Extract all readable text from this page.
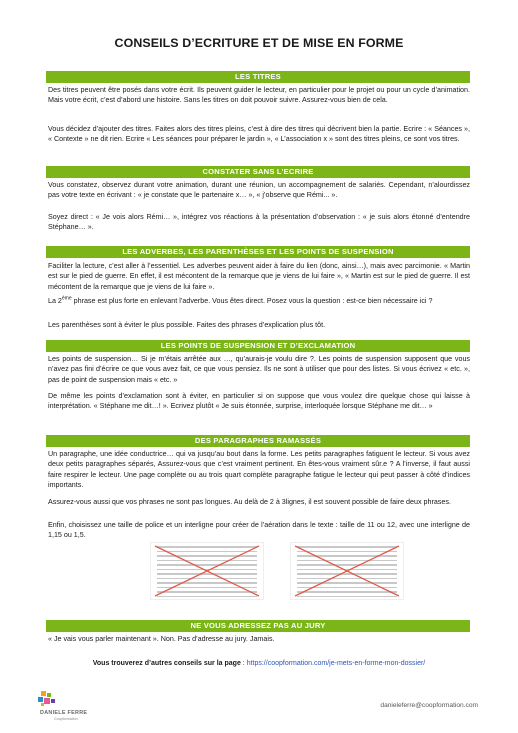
CONSEILS D’ECRITURE ET DE MISE EN FORME
LES TITRES
Des titres peuvent être posés dans votre écrit. Ils peuvent guider le lecteur, en particulier pour le projet ou pour un cycle d’animation. Mais votre écrit, c’est d’abord une histoire. Sans les titres on doit pouvoir suivre. Assurez-vous bien de cela.
Vous décidez d’ajouter des titres. Faites alors des titres pleins, c’est à dire des titres qui décrivent bien la partie. Ecrire : « Séances », « Contexte » ne dit rien. Ecrire « Les séances pour préparer le jardin », « L’association x » sont des titres pleins, ce sont vos titres.
CONSTATER SANS L’ECRIRE
Vous constatez, observez durant votre animation, durant une réunion, un accompagnement de salariés. Cependant, n’alourdissez pas votre texte en écrivant : « je constate que le partenaire x… », « j’observe que Rémi... ».
Soyez direct : « Je vois alors Rémi… », intégrez vos réactions à la présentation d’observation : « je suis alors étonné d’entendre Stéphane… ».
LES ADVERBES, LES PARENTHÈSES ET LES POINTS DE SUSPENSION
Faciliter la lecture, c’est aller à l’essentiel. Les adverbes peuvent aider à faire du lien (donc, ainsi…), mais avec parcimonie. « Martin est sur le pied de guerre. En effet, il est mécontent de la remarque que je viens de lui faire », « Martin est sur le pied de guerre. Il est mécontent de la remarque que je viens de lui faire ».
La 2ème phrase est plus forte en enlevant l’adverbe. Vous êtes direct. Posez vous la question : est-ce bien nécessaire ici ?
Les parenthèses sont à éviter le plus possible. Faites des phrases d’explication plus tôt.
LES POINTS DE SUSPENSION ET D’EXCLAMATION
Les points de suspension… Si je m’étais arrêtée aux …, qu’aurais-je voulu dire ?. Les points de suspension supposent que vous n’avez pas fini d’écrire ce que vous avez fait, ce que vous pensiez. Ils ne sont à utiliser que pour des listes. Si vous écrivez « etc. », pas de point de suspension mais « etc. »
De même les points d’exclamation sont à éviter, en particulier si on suppose que vous voulez dire quelque chose qui laisse à interprétation. « Stéphane me dit…! ». Ecrivez plutôt « Je suis étonnée, surprise, interloquée lorsque Stéphane me dit… »
DES PARAGRAPHES RAMASSÉS
Un paragraphe, une idée conductrice… qui va jusqu’au bout dans la forme. Les petits paragraphes fatiguent le lecteur. Si vous avez deux petits paragraphes séparés, Assurez-vous que c’est vraiment pertinent. En êtes-vous vraiment sûr.e ? A l’inverse, il faut aussi faire respirer le lecteur. Une page complète ou au trois quart complète paragraphe fatigue le lecteur qui peut passer à côté d’indices importants.
Assurez-vous aussi que vos phrases ne sont pas longues. Au delà de 2 à 3lignes, il est souvent possible de faire deux phrases.
Enfin, choisissez une taille de police et un interligne pour créer de l’aération dans le texte : taille de 11 ou 12, avec une interligne de 1,15 ou 1,5.
NE VOUS ADRESSEZ PAS AU JURY
« Je vais vous parler maintenant ». Non. Pas d’adresse au jury. Jamais.
Vous trouverez d’autres conseils sur la page : https://coopformation.com/je-mets-en-forme-mon-dossier/
DANIELE FERRE
Coopformation
danieleferre@coopformation.com
